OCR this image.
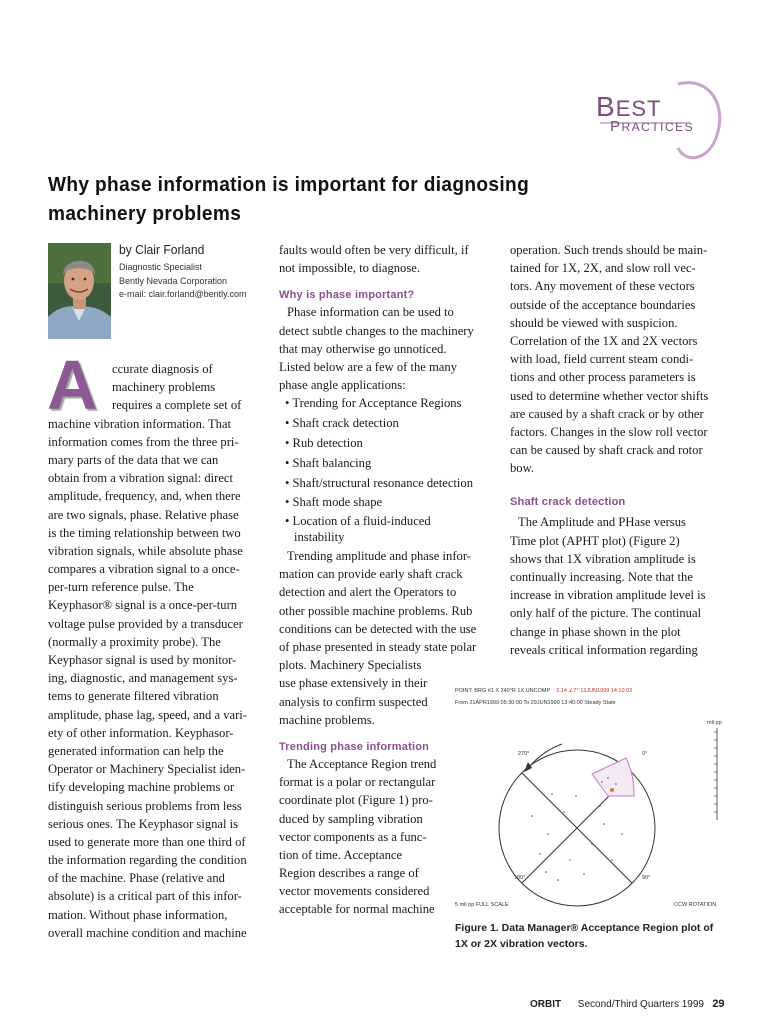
BEST
PRACTICES
Why phase information is important for diagnosing
machinery problems
by Clair Forland
Diagnostic Specialist
Bently Nevada Corporation
e-mail: clair.forland@bently.com
A	ccurate diagnosis of
machinery problems
requires a complete set of
machine vibration information. That
information comes from the three pri-
mary parts of the data that we can
obtain from a vibration signal: direct
amplitude, frequency, and, when there
are two signals, phase. Relative phase
is the timing relationship between two
vibration signals, while absolute phase
compares a vibration signal to a once-
per-turn reference pulse. The
Keyphasor® signal is a once-per-turn
voltage pulse provided by a transducer
(normally a proximity probe). The
Keyphasor signal is used by monitor-
ing, diagnostic, and management sys-
tems to generate filtered vibration
amplitude, phase lag, speed, and a vari-
ety of other information. Keyphasor-
generated information can help the
Operator or Machinery Specialist iden-
tify developing machine problems or
distinguish serious problems from less
serious ones. The Keyphasor signal is
used to generate more than one third of
the information regarding the condition
of the machine. Phase (relative and
absolute) is a critical part of this infor-
mation. Without phase information,
overall machine condition and machine
faults would often be very difficult, if
not impossible, to diagnose.
Why is phase important?
Phase information can be used to
detect subtle changes to the machinery
that may otherwise go unnoticed.
Listed below are a few of the many
phase angle applications:
• Trending for Acceptance Regions
• Shaft crack detection
• Rub detection
• Shaft balancing
• Shaft/structural resonance detection
• Shaft mode shape
• Location of a fluid-induced
instability
Trending amplitude and phase infor-
mation can provide early shaft crack
detection and alert the Operators to
other possible machine problems. Rub
conditions can be detected with the use
of phase presented in steady state polar
plots. Machinery Specialists
use phase extensively in their
analysis to confirm suspected
machine problems.
Trending phase information
The Acceptance Region trend
format is a polar or rectangular
coordinate plot (Figure 1) pro-
duced by sampling vibration
vector components as a func-
tion of time. Acceptance
Region describes a range of
vector movements considered
acceptable for normal machine
operation. Such trends should be main-
tained for 1X, 2X, and slow roll vec-
tors. Any movement of these vectors
outside of the acceptance boundaries
should be viewed with suspicion.
Correlation of the 1X and 2X vectors
with load, field current steam condi-
tions and other process parameters is
used to determine whether vector shifts
are caused by a shaft crack or by other
factors. Changes in the slow roll vector
can be caused by shaft crack and rotor
bow.
Shaft crack detection
The Amplitude and PHase versus
Time plot (APHT plot) (Figure 2)
shows that 1X vibration amplitude is
continually increasing. Note that the
increase in vibration amplitude level is
only half of the picture. The continual
change in phase shown in the plot
reveals critical information regarding
POINT: BRG #1 X 240°R 1X UNCOMP 2.14 ∠7° 13JUN1999 14:10:03
From 21APR1999 05:30:00 To 29JUN1999 13:40:00 Steady State
mil pp
270°	0°
180°	90°
5 mil pp FULL SCALE	CCW ROTATION
Figure 1. Data Manager® Acceptance Region plot of
1X or 2X vibration vectors.
ORBIT Second/Third Quarters 1999 29
